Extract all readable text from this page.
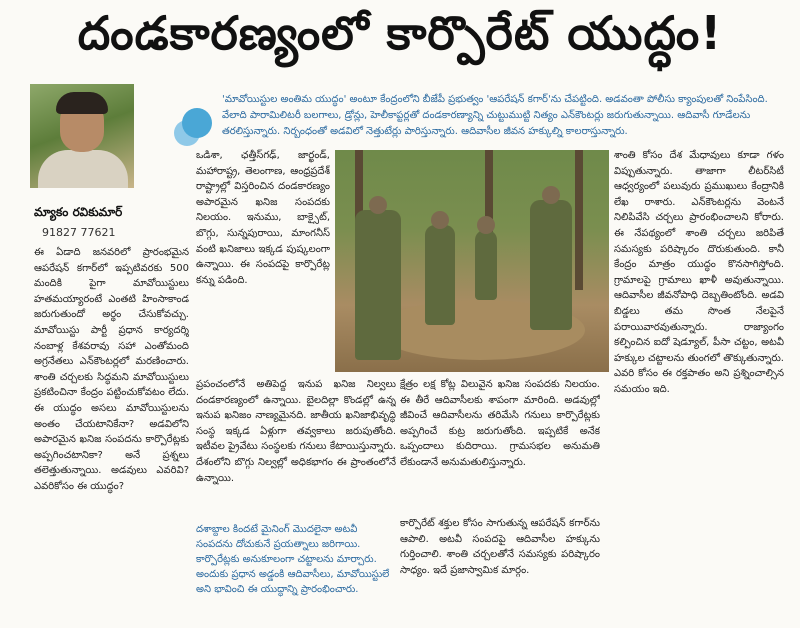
దండకారణ్యంలో కార్పొరేట్ యుద్ధం!
మ్యాకం రవికుమార్
91827 77621
'మావోయిస్టుల అంతిమ యుద్ధం' అంటూ కేంద్రంలోని బీజేపీ ప్రభుత్వం 'ఆపరేషన్ కగార్'ను చేపట్టింది. అడవంతా పోలీసు క్యాంపులతో నింపేసింది. వేలాది పారామిలిటరీ బలగాలు, డ్రోన్లు, హెలీకాప్టర్లతో దండకారణ్యాన్ని చుట్టుముట్టి నిత్యం ఎన్‌కౌంటర్లు జరుగుతున్నాయి. ఆదివాసీ గూడేలను తరలిస్తున్నారు. నిర్బంధంతో అడవిలో నెత్తుటేర్లు పారిస్తున్నారు. ఆదివాసీల జీవన హక్కుల్ని కాలరాస్తున్నారు.
ఈ ఏడాది జనవరిలో ప్రారంభమైన ఆపరేషన్ కగార్‌లో ఇప్పటివరకు 500 మందికి పైగా మావోయిస్టులు హతమయ్యారంటే ఎంతటి హింసాకాండ జరుగుతుందో అర్థం చేసుకోవచ్చు. మావోయిస్టు పార్టీ ప్రధాన కార్యదర్శి నంబాళ్ల కేశవరావు సహా ఎంతోమంది అగ్రనేతలు ఎన్‌కౌంటర్లలో మరణించారు. శాంతి చర్చలకు సిద్ధమని మావోయిస్టులు ప్రకటించినా కేంద్రం పట్టించుకోవటం లేదు. ఈ యుద్ధం అసలు మావోయిస్టులను అంతం చేయటానికేనా? అడవిలోని అపారమైన ఖనిజ సంపదను కార్పొరేట్లకు అప్పగించటానికా? అనే ప్రశ్నలు తలెత్తుతున్నాయి. అడవులు ఎవరివి? ఎవరికోసం ఈ యుద్ధం?
ఒడిశా, ఛత్తీస్‌గఢ్, జార్ఖండ్, మహారాష్ట్ర, తెలంగాణ, ఆంధ్రప్రదేశ్ రాష్ట్రాల్లో విస్తరించిన దండకారణ్యం అపారమైన ఖనిజ సంపదకు నిలయం. ఇనుము, బాక్సైట్, బొగ్గు, సున్నపురాయి, మాంగనీస్ వంటి ఖనిజాలు ఇక్కడ పుష్కలంగా ఉన్నాయి. ఈ సంపదపై కార్పొరేట్ల కన్ను పడింది.
ప్రపంచంలోనే అతిపెద్ద ఇనుప ఖనిజ నిల్వలు దండకారణ్యంలో ఉన్నాయి. బైలదిల్లా కొండల్లో ఉన్న ఇనుప ఖనిజం నాణ్యమైనది. జాతీయ ఖనిజాభివృద్ధి సంస్థ ఇక్కడ ఏళ్లుగా తవ్వకాలు జరుపుతోంది. ఇటీవల ప్రైవేటు సంస్థలకు గనులు కేటాయిస్తున్నారు. దేశంలోని బొగ్గు నిల్వల్లో అధికభాగం ఈ ప్రాంతంలోనే ఉన్నాయి.
క్షేత్రం లక్ష కోట్ల విలువైన ఖనిజ సంపదకు నిలయం. ఈ తీరే ఆదివాసీలకు శాపంగా మారింది. అడవుల్లో జీవించే ఆదివాసీలను తరిమేసి గనులు కార్పొరేట్లకు అప్పగించే కుట్ర జరుగుతోంది. ఇప్పటికే అనేక ఒప్పందాలు కుదిరాయి. గ్రామసభల అనుమతి లేకుండానే అనుమతులిస్తున్నారు.
శాంతి కోసం దేశ మేధావులు కూడా గళం విప్పుతున్నారు. తాజాగా లీటర్‌సిటీ ఆధ్వర్యంలో పలువురు ప్రముఖులు కేంద్రానికి లేఖ రాశారు. ఎన్‌కౌంటర్లను వెంటనే నిలిపివేసి చర్చలు ప్రారంభించాలని కోరారు. ఈ నేపథ్యంలో శాంతి చర్చలు జరిపితే సమస్యకు పరిష్కారం దొరుకుతుంది. కానీ కేంద్రం మాత్రం యుద్ధం కొనసాగిస్తోంది. గ్రామాలపై గ్రామాలు ఖాళీ అవుతున్నాయి. ఆదివాసీల జీవనోపాధి దెబ్బతింటోంది. అడవి బిడ్డలు తమ సొంత నేలపైనే పరాయివారవుతున్నారు. రాజ్యాంగం కల్పించిన ఐదో షెడ్యూల్, పీసా చట్టం, అటవీ హక్కుల చట్టాలను తుంగలో తొక్కుతున్నారు. ఎవరి కోసం ఈ రక్తపాతం అని ప్రశ్నించాల్సిన సమయం ఇది.
కార్పొరేట్ శక్తుల కోసం సాగుతున్న ఆపరేషన్ కగార్‌ను ఆపాలి. అటవీ సంపదపై ఆదివాసీల హక్కును గుర్తించాలి. శాంతి చర్చలతోనే సమస్యకు పరిష్కారం సాధ్యం. ఇదే ప్రజాస్వామిక మార్గం.
దశాబ్దాల కిందటే మైనింగ్ మొదలైనా అటవీ సంపదను దోచుకునే ప్రయత్నాలు జరిగాయి. కార్పొరేట్లకు అనుకూలంగా చట్టాలను మార్చారు. అందుకు ప్రధాన అడ్డంకి ఆదివాసీలు, మావోయిస్టులే అని భావించి ఈ యుద్ధాన్ని ప్రారంభించారు.
